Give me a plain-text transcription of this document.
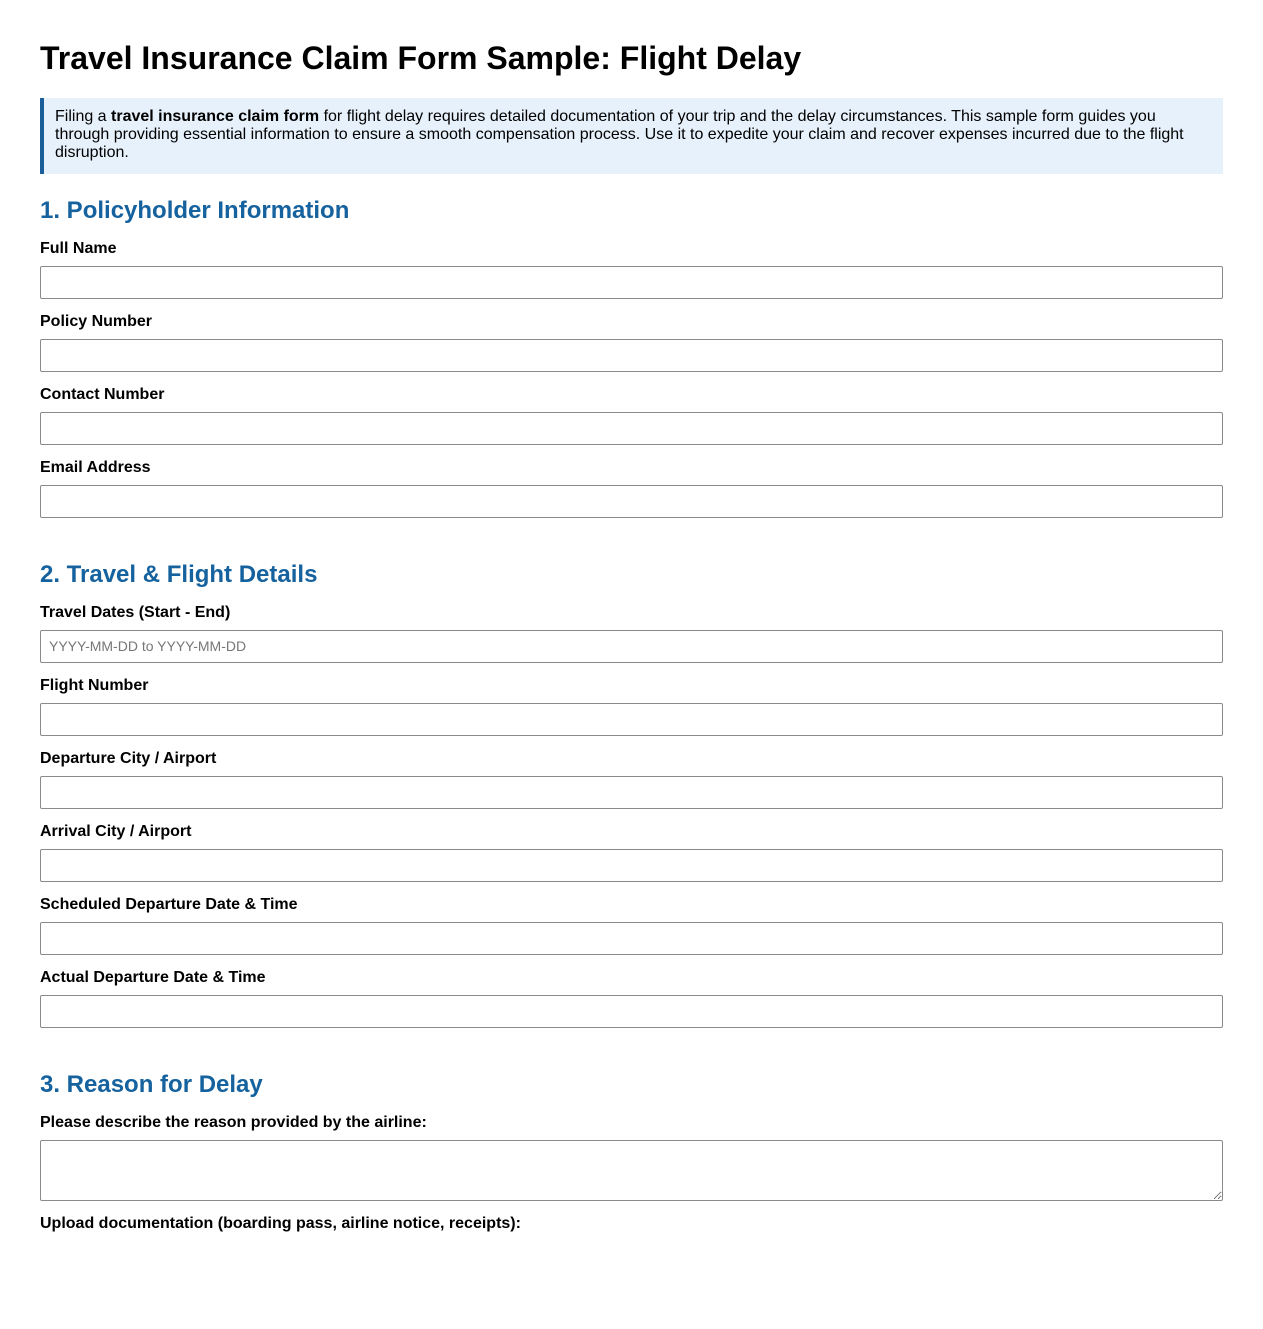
Travel Insurance Claim Form Sample: Flight Delay
Filing a travel insurance claim form for flight delay requires detailed documentation of your trip and the delay circumstances. This sample form guides you through providing essential information to ensure a smooth compensation process. Use it to expedite your claim and recover expenses incurred due to the flight disruption.
1. Policyholder Information
Full Name
Policy Number
Contact Number
Email Address
2. Travel & Flight Details
Travel Dates (Start - End)
YYYY-MM-DD to YYYY-MM-DD
Flight Number
Departure City / Airport
Arrival City / Airport
Scheduled Departure Date & Time
Actual Departure Date & Time
3. Reason for Delay
Please describe the reason provided by the airline:
Upload documentation (boarding pass, airline notice, receipts):
